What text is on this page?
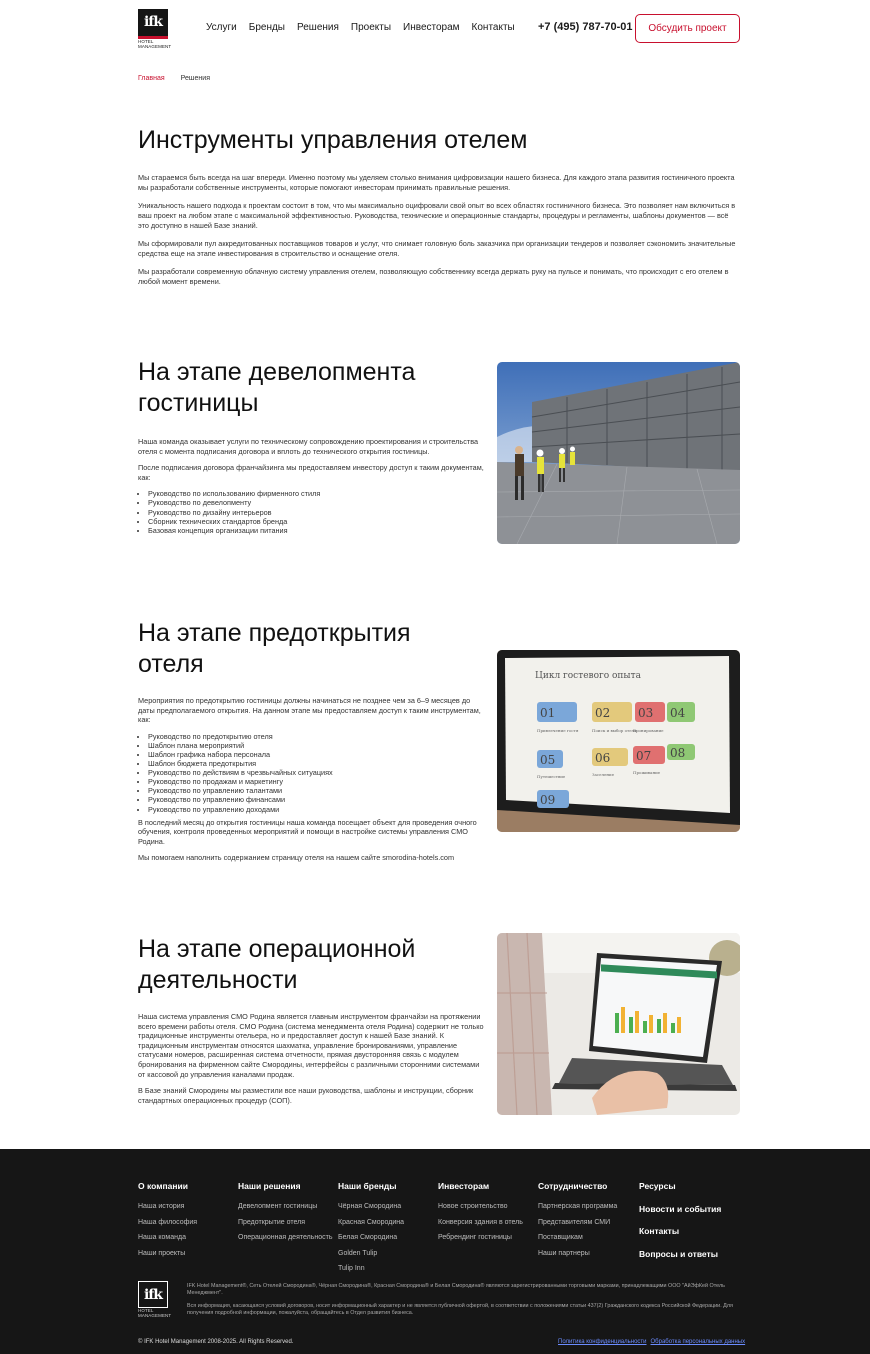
ifk
HOTEL
MANAGEMENT
Услуги Бренды Решения Проекты Инвесторам Контакты +7 (495) 787-70-01	Обсудить проект
Главная Решения
Инструменты управления отелем

Мы стараемся быть всегда на шаг впереди. Именно поэтому мы уделяем столько внимания цифровизации нашего бизнеса. Для каждого этапа развития гостиничного проекта мы разработали собственные инструменты, которые помогают инвесторам принимать правильные решения.

Уникальность нашего подхода к проектам состоит в том, что мы максимально оцифровали свой опыт во всех областях гостиничного бизнеса. Это позволяет нам включиться в ваш проект на любом этапе с максимальной эффективностью. Руководства, технические и операционные стандарты, процедуры и регламенты, шаблоны документов — всё это доступно в нашей Базе знаний.

Мы сформировали пул аккредитованных поставщиков товаров и услуг, что снимает головную боль заказчика при организации тендеров и позволяет сэкономить значительные средства еще на этапе инвестирования в строительство и оснащение отеля.

Мы разработали современную облачную систему управления отелем, позволяющую собственнику всегда держать руку на пульсе и понимать, что происходит с его отелем в любой момент времени.

На этапе девелопмента гостиницы

Наша команда оказывает услуги по техническому сопровождению проектирования и строительства отеля с момента подписания договора и вплоть до технического открытия гостиницы.

После подписания договора франчайзинга мы предоставляем инвестору доступ к таким документам, как:

• Руководство по использованию фирменного стиля
• Руководство по девелопменту
• Руководство по дизайну интерьеров
• Сборник технических стандартов бренда
• Базовая концепция организации питания
На этапе предоткрытия отеля

Мероприятия по предоткрытию гостиницы должны начинаться не позднее чем за 6–9 месяцев до даты предполагаемого открытия. На данном этапе мы предоставляем доступ к таким инструментам, как:

• Руководство по предоткрытию отеля
• Шаблон плана мероприятий
• Шаблон графика набора персонала
• Шаблон бюджета предоткрытия
• Руководство по действиям в чрезвычайных ситуациях
• Руководство по продажам и маркетингу
• Руководство по управлению талантами
• Руководство по управлению финансами
• Руководство по управлению доходами

В последний месяц до открытия гостиницы наша команда посещает объект для проведения очного обучения, контроля проведенных мероприятий и помощи в настройке системы управления СМО Родина.

Мы помогаем наполнить содержанием страницу отеля на нашем сайте smorodina-hotels.com

Цикл гостевого опыта
01
Привлечение гостя
02
Поиск и выбор отеля
03
Бронирование
04
05
Путешествие
06
Заселение
07
Проживание
08
09
На этапе операционной деятельности

Наша система управления СМО Родина является главным инструментом франчайзи на протяжении всего времени работы отеля. СМО Родина (система менеджмента отеля Родина) содержит не только традиционные инструменты отельера, но и предоставляет доступ к нашей Базе знаний. К традиционным инструментам относятся шахматка, управление бронированиями, управление статусами номеров, расширенная система отчетности, прямая двусторонняя связь с модулем бронирования на фирменном сайте Смородины, интерфейсы с различными сторонними системами от кассовой до управления каналами продаж.

В Базе знаний Смородины мы разместили все наши руководства, шаблоны и инструкции, сборник стандартных операционных процедур (СОП).

О компании
Наша история
Наша философия
Наша команда
Наши проекты
Наши решения
Девелопмент гостиницы
Предоткрытие отеля
Операционная деятельность
Наши бренды
Чёрная Смородина
Красная Смородина
Белая Смородина
Golden Tulip
Tulip Inn
Инвесторам
Новое строительство
Конверсия здания в отель
Ребрендинг гостиницы
Сотрудничество
Партнерская программа
Представителям СМИ
Поставщикам
Наши партнеры
Ресурсы
Новости и события
Контакты
Вопросы и ответы
ifk
HOTEL
MANAGEMENT

IFK Hotel Management®, Сеть Отелей Смородина®, Чёрная Смородина®, Красная Смородина® и Белая Смородина® являются зарегистрированными торговыми марками, принадлежащими ООО "АйЭфКей Отель Менеджмент".

Вся информация, касающаяся условий договоров, носит информационный характер и не является публичной офертой, в соответствии с положениями статьи 437(2) Гражданского кодекса Российской Федерации. Для получения подробной информации, пожалуйста, обращайтесь в Отдел развития бизнеса.

© IFK Hotel Management 2008-2025. All Rights Reserved.	Политика конфиденциальности Обработка персональных данных
